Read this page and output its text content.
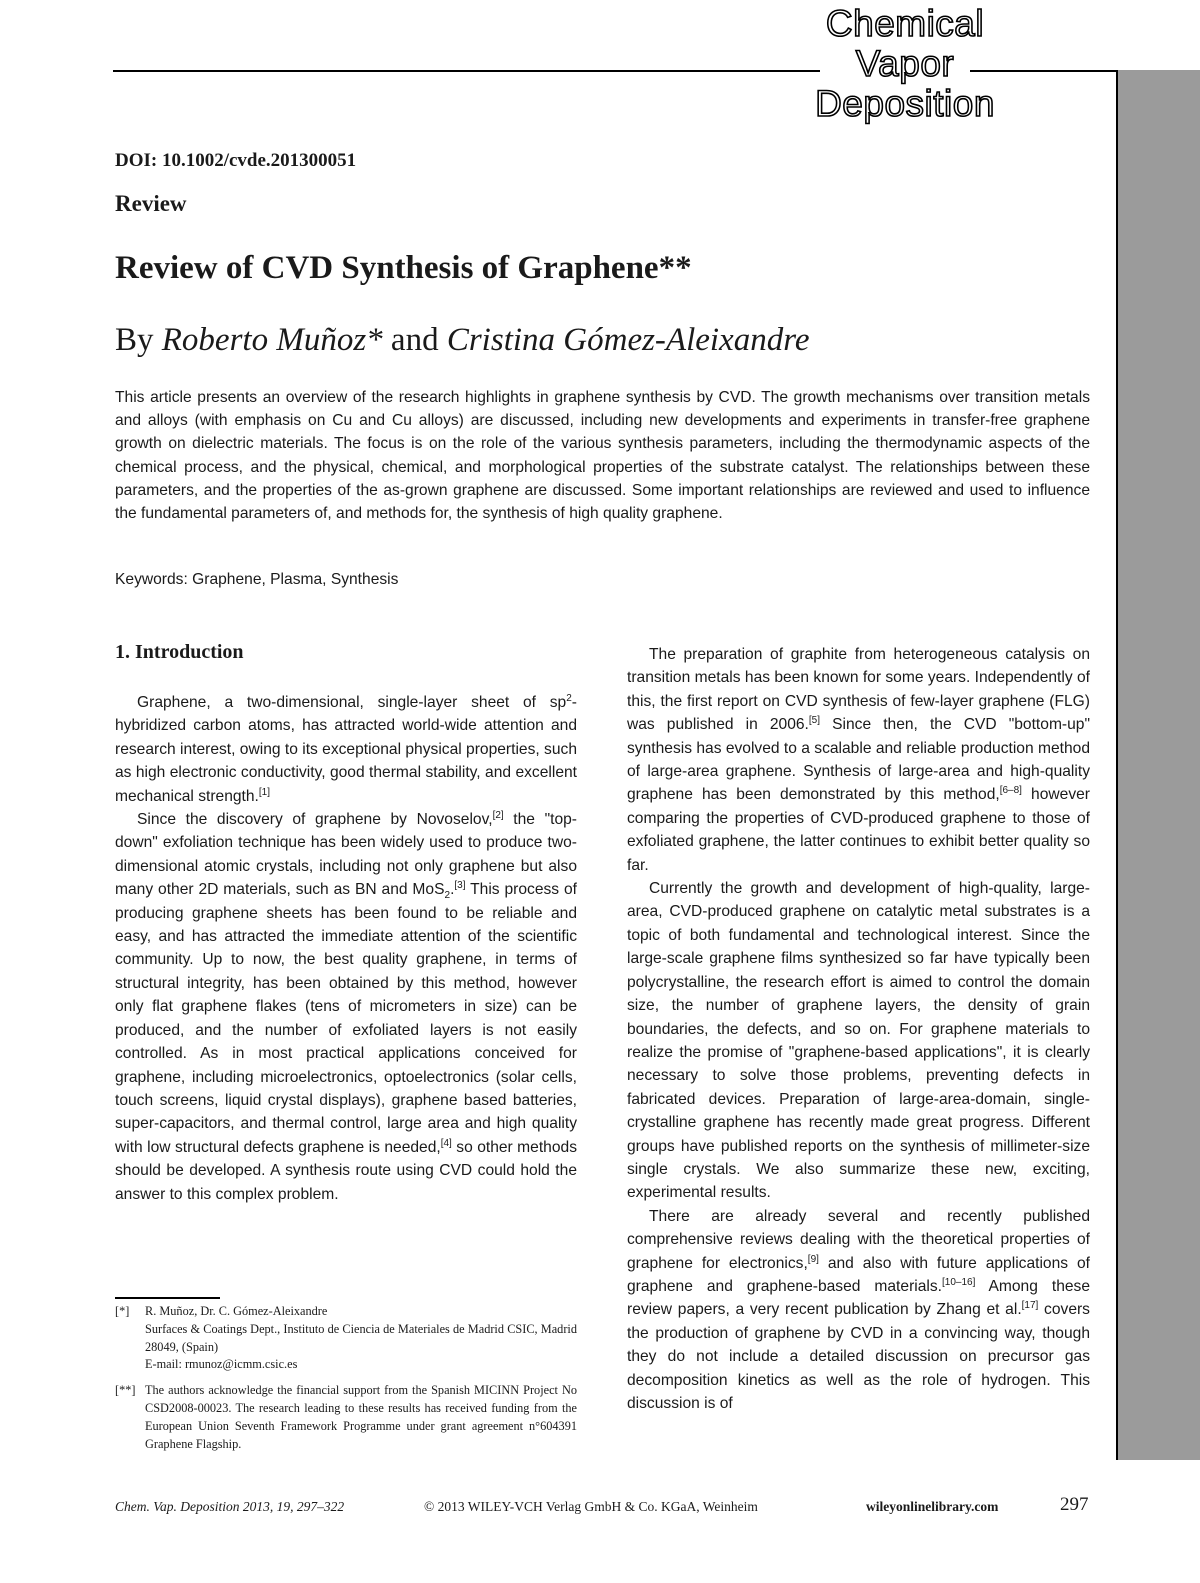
Chemical
Vapor
Deposition
DOI: 10.1002/cvde.201300051
Review
Review of CVD Synthesis of Graphene**
By Roberto Muñoz* and Cristina Gómez-Aleixandre

This article presents an overview of the research highlights in graphene synthesis by CVD. The growth mechanisms over transition metals and alloys (with emphasis on Cu and Cu alloys) are discussed, including new developments and experiments in transfer-free graphene growth on dielectric materials. The focus is on the role of the various synthesis parameters, including the thermodynamic aspects of the chemical process, and the physical, chemical, and morphological properties of the substrate catalyst. The relationships between these parameters, and the properties of the as-grown graphene are discussed. Some important relationships are reviewed and used to influence the fundamental parameters of, and methods for, the synthesis of high quality graphene.

Keywords: Graphene, Plasma, Synthesis
1. Introduction

Graphene, a two-dimensional, single-layer sheet of $sp^2$-hybridized carbon atoms, has attracted world-wide attention and research interest, owing to its exceptional physical properties, such as high electronic conductivity, good thermal stability, and excellent mechanical strength.[1]

Since the discovery of graphene by Novoselov,[2] the "top-down" exfoliation technique has been widely used to produce two-dimensional atomic crystals, including not only graphene but also many other 2D materials, such as BN and MoS$_2$.[3] This process of producing graphene sheets has been found to be reliable and easy, and has attracted the immediate attention of the scientific community. Up to now, the best quality graphene, in terms of structural integrity, has been obtained by this method, however only flat graphene flakes (tens of micrometers in size) can be produced, and the number of exfoliated layers is not easily controlled. As in most practical applications conceived for graphene, including microelectronics, optoelectronics (solar cells, touch screens, liquid crystal displays), graphene based batteries, super-capacitors, and thermal control, large area and high quality with low structural defects graphene is needed,[4] so other methods should be developed. A synthesis route using CVD could hold the answer to this complex problem.

The preparation of graphite from heterogeneous catalysis on transition metals has been known for some years. Independently of this, the first report on CVD synthesis of few-layer graphene (FLG) was published in 2006.[5] Since then, the CVD "bottom-up" synthesis has evolved to a scalable and reliable production method of large-area graphene. Synthesis of large-area and high-quality graphene has been demonstrated by this method,[6–8] however comparing the properties of CVD-produced graphene to those of exfoliated graphene, the latter continues to exhibit better quality so far.

Currently the growth and development of high-quality, large-area, CVD-produced graphene on catalytic metal substrates is a topic of both fundamental and technological interest. Since the large-scale graphene films synthesized so far have typically been polycrystalline, the research effort is aimed to control the domain size, the number of graphene layers, the density of grain boundaries, the defects, and so on. For graphene materials to realize the promise of "graphene-based applications", it is clearly necessary to solve those problems, preventing defects in fabricated devices. Preparation of large-area-domain, single-crystalline graphene has recently made great progress. Different groups have published reports on the synthesis of millimeter-size single crystals. We also summarize these new, exciting, experimental results.

There are already several and recently published comprehensive reviews dealing with the theoretical properties of graphene for electronics,[9] and also with future applications of graphene and graphene-based materials.[10–16] Among these review papers, a very recent publication by Zhang et al.[17] covers the production of graphene by CVD in a convincing way, though they do not include a detailed discussion on precursor gas decomposition kinetics as well as the role of hydrogen. This discussion is of

[*]	R. Muñoz, Dr. C. Gómez-Aleixandre

Surfaces & Coatings Dept., Instituto de Ciencia de Materiales de Madrid CSIC, Madrid 28049, (Spain)

E-mail: rmunoz@icmm.csic.es

[**] The authors acknowledge the financial support from the Spanish MICINN Project No CSD2008-00023. The research leading to these results has received funding from the European Union Seventh Framework Programme under grant agreement n°604391 Graphene Flagship.

Chem. Vap. Deposition 2013, 19, 297–322	© 2013 WILEY-VCH Verlag GmbH & Co. KGaA, Weinheim	wileyonlinelibrary.com	297
